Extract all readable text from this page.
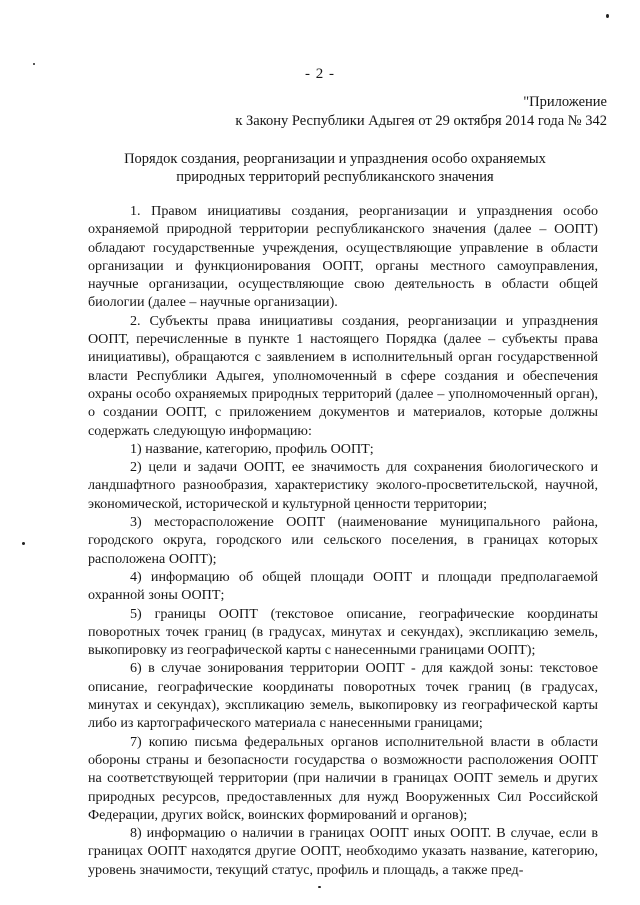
- 2 -
"Приложение
к Закону Республики Адыгея от 29 октября 2014 года № 342
Порядок создания, реорганизации и упразднения особо охраняемых
природных территорий республиканского значения

1. Правом инициативы создания, реорганизации и упразднения особо охраняемой природной территории республиканского значения (далее – ООПТ) обладают государственные учреждения, осуществляющие управление в области организации и функционирования ООПТ, органы местного самоуправления, научные организации, осуществляющие свою деятельность в области общей биологии (далее – научные организации).

2. Субъекты права инициативы создания, реорганизации и упразднения ООПТ, перечисленные в пункте 1 настоящего Порядка (далее – субъекты права инициативы), обращаются с заявлением в исполнительный орган государственной власти Республики Адыгея, уполномоченный в сфере создания и обеспечения охраны особо охраняемых природных территорий (далее – уполномоченный орган), о создании ООПТ, с приложением документов и материалов, которые должны содержать следующую информацию:

1) название, категорию, профиль ООПТ;

2) цели и задачи ООПТ, ее значимость для сохранения биологического и ландшафтного разнообразия, характеристику эколого-просветительской, научной, экономической, исторической и культурной ценности территории;

3) месторасположение ООПТ (наименование муниципального района, городского округа, городского или сельского поселения, в границах которых расположена ООПТ);

4) информацию об общей площади ООПТ и площади предполагаемой охранной зоны ООПТ;

5) границы ООПТ (текстовое описание, географические координаты поворотных точек границ (в градусах, минутах и секундах), экспликацию земель, выкопировку из географической карты с нанесенными границами ООПТ);

6) в случае зонирования территории ООПТ - для каждой зоны: текстовое описание, географические координаты поворотных точек границ (в градусах, минутах и секундах), экспликацию земель, выкопировку из географической карты либо из картографического материала с нанесенными границами;

7) копию письма федеральных органов исполнительной власти в области обороны страны и безопасности государства о возможности расположения ООПТ на соответствующей территории (при наличии в границах ООПТ земель и других природных ресурсов, предоставленных для нужд Вооруженных Сил Российской Федерации, других войск, воинских формирований и органов);

8) информацию о наличии в границах ООПТ иных ООПТ. В случае, если в границах ООПТ находятся другие ООПТ, необходимо указать название, категорию, уровень значимости, текущий статус, профиль и площадь, а также пред-
